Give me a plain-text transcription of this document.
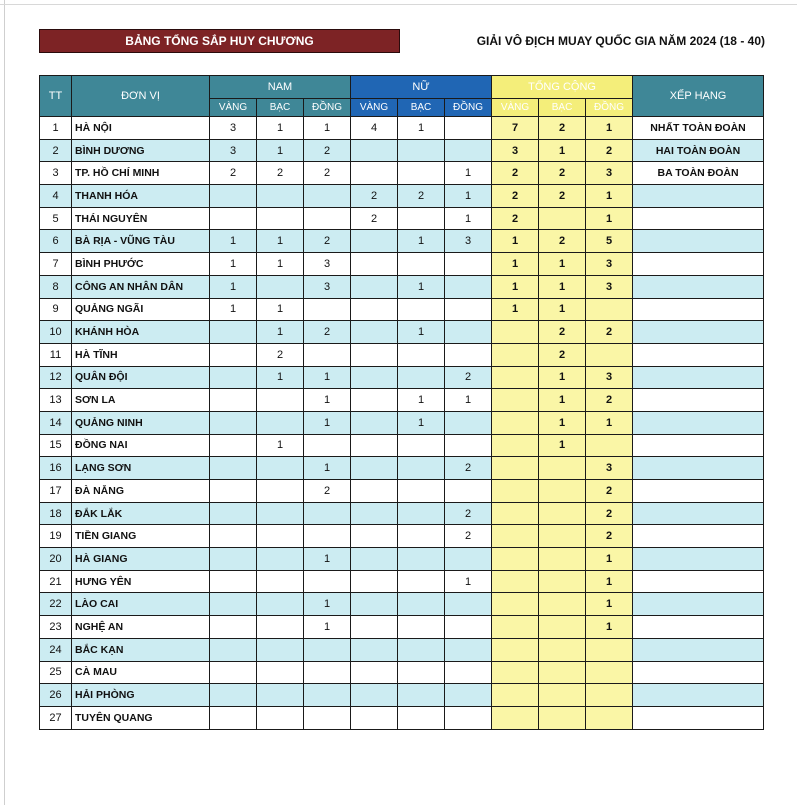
BẢNG TỔNG SẮP HUY CHƯƠNG	GIẢI VÔ ĐỊCH MUAY QUỐC GIA NĂM 2024 (18 - 40)
TT	ĐƠN VỊ	NAM			NỮ			TỔNG CỘNG			XẾP HẠNG
		VÀNG	BẠC	ĐỒNG	VÀNG	BẠC	ĐỒNG	VÀNG	BẠC	ĐỒNG	
1	HÀ NỘI	3	1	1	4	1		7	2	1	NHẤT TOÀN ĐOÀN
2	BÌNH DƯƠNG	3	1	2				3	1	2	HAI TOÀN ĐOÀN
3	TP. HỒ CHÍ MINH	2	2	2			1	2	2	3	BA TOÀN ĐOÀN
4	THANH HÓA				2	2	1	2	2	1	
5	THÁI NGUYÊN				2		1	2		1	
6	BÀ RỊA - VŨNG TÀU	1	1	2		1	3	1	2	5	
7	BÌNH PHƯỚC	1	1	3				1	1	3	
8	CÔNG AN NHÂN DÂN	1		3		1		1	1	3	
9	QUẢNG NGÃI	1	1					1	1		
10	KHÁNH HÒA		1	2		1			2	2	
11	HÀ TĨNH		2						2		
12	QUÂN ĐỘI		1	1			2		1	3	
13	SƠN LA			1		1	1		1	2	
14	QUẢNG NINH			1		1			1	1	
15	ĐỒNG NAI		1						1		
16	LẠNG SƠN			1			2			3	
17	ĐÀ NẴNG			2						2	
18	ĐẮK LẮK						2			2	
19	TIỀN GIANG						2			2	
20	HÀ GIANG			1						1	
21	HƯNG YÊN						1			1	
22	LÀO CAI			1						1	
23	NGHỆ AN			1						1	
24	BẮC KẠN										
25	CÀ MAU										
26	HẢI PHÒNG										
27	TUYÊN QUANG										
